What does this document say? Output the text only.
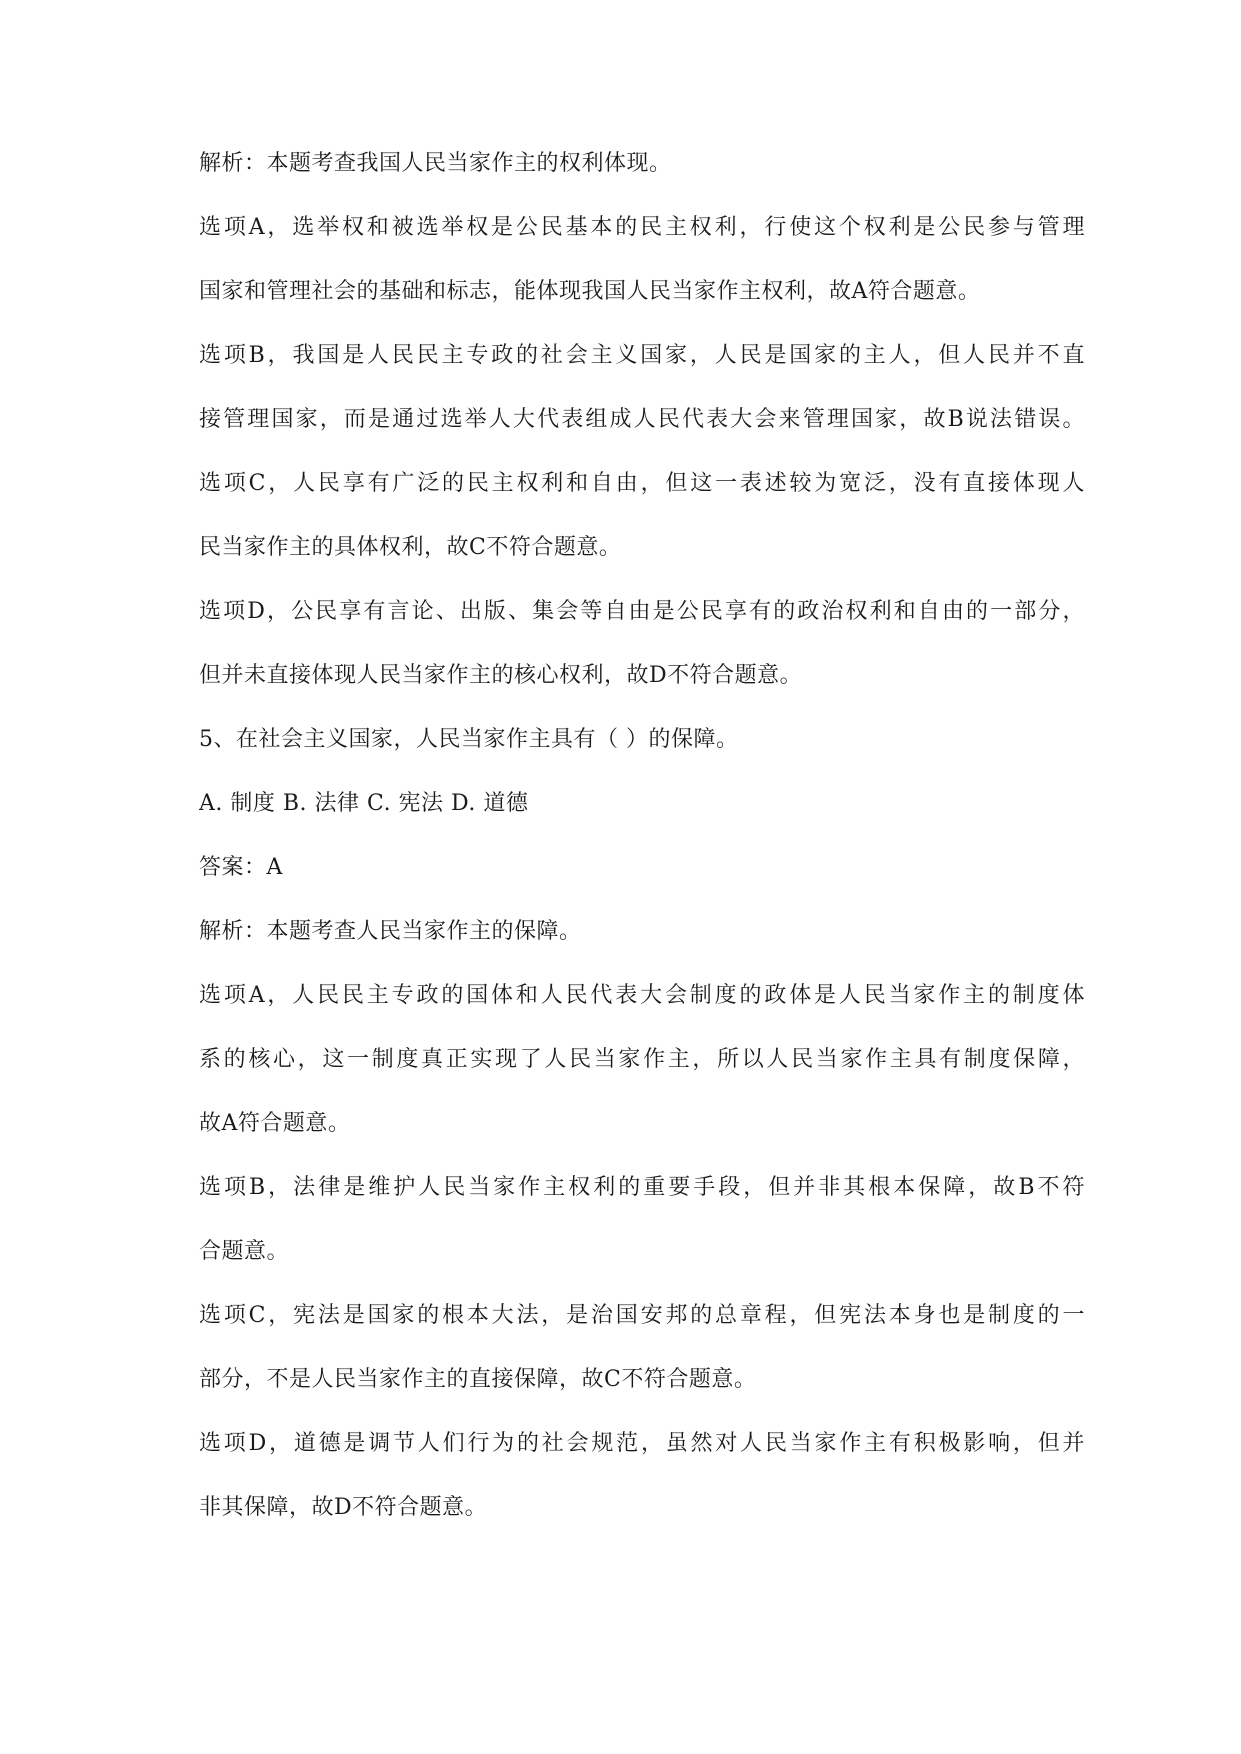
解析：本题考查我国人民当家作主的权利体现。
选项A，选举权和被选举权是公民基本的民主权利，行使这个权利是公民参与管理
国家和管理社会的基础和标志，能体现我国人民当家作主权利，故A符合题意。
选项B，我国是人民民主专政的社会主义国家，人民是国家的主人，但人民并不直
接管理国家，而是通过选举人大代表组成人民代表大会来管理国家，故B说法错误。
选项C，人民享有广泛的民主权利和自由，但这一表述较为宽泛，没有直接体现人
民当家作主的具体权利，故C不符合题意。
选项D，公民享有言论、出版、集会等自由是公民享有的政治权利和自由的一部分，
但并未直接体现人民当家作主的核心权利，故D不符合题意。
5、在社会主义国家，人民当家作主具有（ ）的保障。
A. 制度 B. 法律 C. 宪法 D. 道德
答案：A
解析：本题考查人民当家作主的保障。
选项A，人民民主专政的国体和人民代表大会制度的政体是人民当家作主的制度体
系的核心，这一制度真正实现了人民当家作主，所以人民当家作主具有制度保障，
故A符合题意。
选项B，法律是维护人民当家作主权利的重要手段，但并非其根本保障，故B不符
合题意。
选项C，宪法是国家的根本大法，是治国安邦的总章程，但宪法本身也是制度的一
部分，不是人民当家作主的直接保障，故C不符合题意。
选项D，道德是调节人们行为的社会规范，虽然对人民当家作主有积极影响，但并
非其保障，故D不符合题意。
